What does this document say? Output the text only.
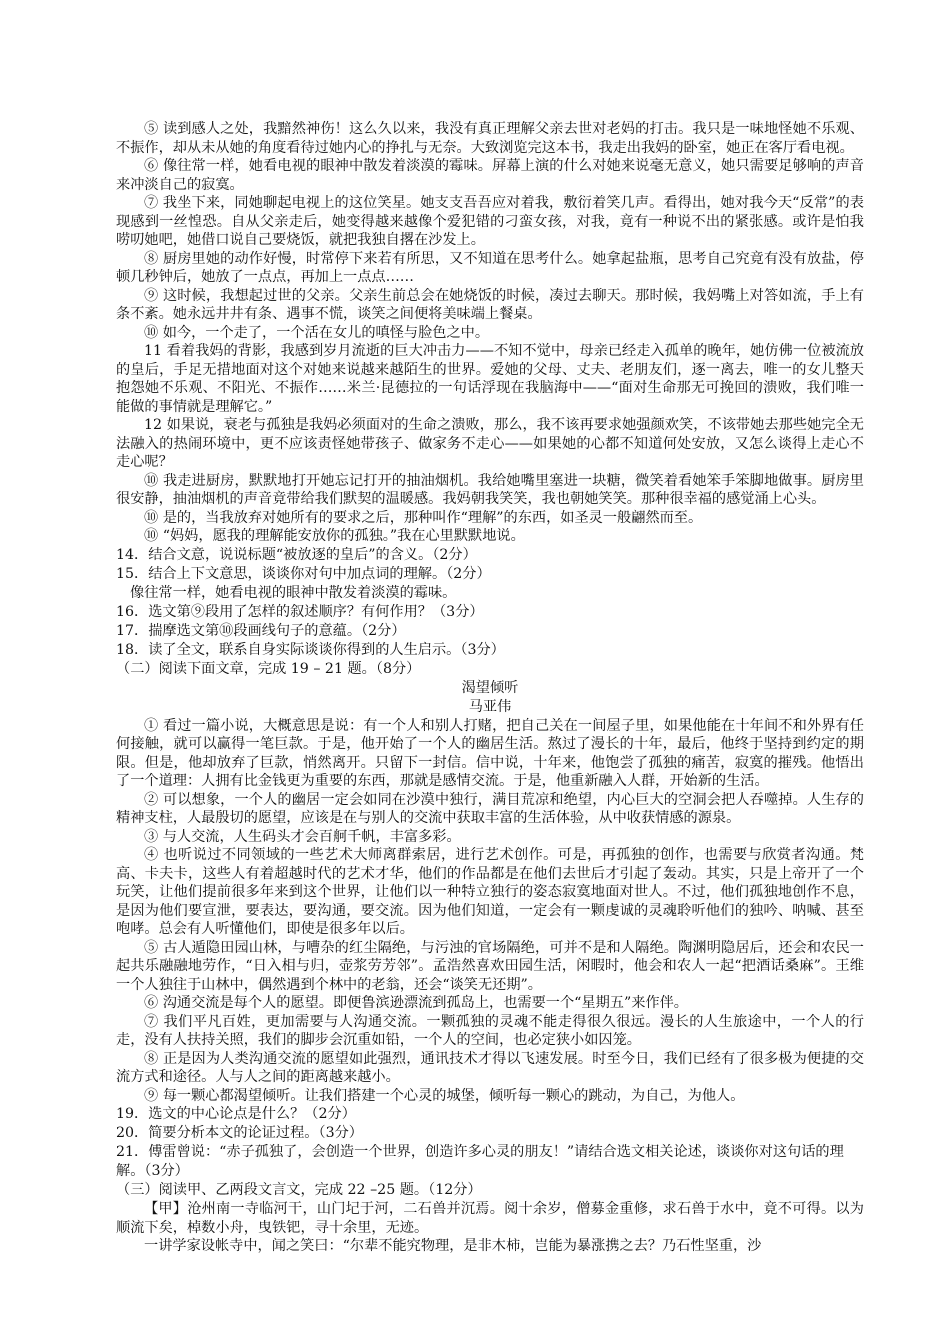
⑤ 读到感人之处，我黯然神伤！这么久以来，我没有真正理解父亲去世对老妈的打击。我只是一味地怪她不乐观、不振作，却从未从她的角度看待过她内心的挣扎与无奈。大致浏览完这本书，我走出我妈的卧室，她正在客厅看电视。

⑥ 像往常一样，她看电视的眼神中散发着淡漠的霉味。屏幕上演的什么对她来说毫无意义，她只需要足够响的声音来冲淡自己的寂寞。

⑦ 我坐下来，同她聊起电视上的这位笑星。她支支吾吾应对着我，敷衍着笑几声。看得出，她对我今天“反常”的表现感到一丝惶恐。自从父亲走后，她变得越来越像个爱犯错的刁蛮女孩，对我，竟有一种说不出的紧张感。或许是怕我唠叨她吧，她借口说自己要烧饭，就把我独自撂在沙发上。

⑧ 厨房里她的动作好慢，时常停下来若有所思，又不知道在思考什么。她拿起盐瓶，思考自己究竟有没有放盐，停顿几秒钟后，她放了一点点，再加上一点点……

⑨ 这时候，我想起过世的父亲。父亲生前总会在她烧饭的时候，凑过去聊天。那时候，我妈嘴上对答如流，手上有条不紊。她永远井井有条、遇事不慌，谈笑之间便将美味端上餐桌。

⑩ 如今，一个走了，一个活在女儿的嗔怪与脸色之中。

11 看着我妈的背影，我感到岁月流逝的巨大冲击力——不知不觉中，母亲已经走入孤单的晚年，她仿佛一位被流放的皇后，手足无措地面对这个对她来说越来越陌生的世界。爱她的父母、丈夫、老朋友们，逐一离去，唯一的女儿整天抱怨她不乐观、不阳光、不振作……米兰·昆德拉的一句话浮现在我脑海中——“面对生命那无可挽回的溃败，我们唯一能做的事情就是理解它。”

12 如果说，衰老与孤独是我妈必须面对的生命之溃败，那么，我不该再要求她强颜欢笑，不该带她去那些她完全无法融入的热闹环境中，更不应该责怪她带孩子、做家务不走心——如果她的心都不知道何处安放，又怎么谈得上走心不走心呢？

⑩ 我走进厨房，默默地打开她忘记打开的抽油烟机。我给她嘴里塞进一块糖，微笑着看她笨手笨脚地做事。厨房里很安静，抽油烟机的声音竟带给我们默契的温暖感。我妈朝我笑笑，我也朝她笑笑。那种很幸福的感觉涌上心头。

⑩ 是的，当我放弃对她所有的要求之后，那种叫作“理解”的东西，如圣灵一般翩然而至。

⑩ “妈妈，愿我的理解能安放你的孤独。”我在心里默默地说。

14．结合文意，说说标题“被放逐的皇后”的含义。（2分）

15．结合上下文意思，谈谈你对句中加点词的理解。（2分）

像往常一样，她看电视的眼神中散发着淡漠的霉味。

16．选文第⑨段用了怎样的叙述顺序？有何作用？（3分）

17．揣摩选文第⑩段画线句子的意蕴。（2分）

18．读了全文，联系自身实际谈谈你得到的人生启示。（3分）

（二）阅读下面文章，完成 19 – 21 题。（8分）

渴望倾听

马亚伟

① 看过一篇小说，大概意思是说：有一个人和别人打赌，把自己关在一间屋子里，如果他能在十年间不和外界有任何接触，就可以赢得一笔巨款。于是，他开始了一个人的幽居生活。熬过了漫长的十年，最后，他终于坚持到约定的期限。但是，他却放弃了巨款，悄然离开。只留下一封信。信中说，十年来，他饱尝了孤独的痛苦，寂寞的摧残。他悟出了一个道理：人拥有比金钱更为重要的东西，那就是感情交流。于是，他重新融入人群，开始新的生活。

② 可以想象，一个人的幽居一定会如同在沙漠中独行，满目荒凉和绝望，内心巨大的空洞会把人吞噬掉。人生存的精神支柱，人最殷切的愿望，应该是在与别人的交流中获取丰富的生活体验，从中收获情感的源泉。

③ 与人交流，人生码头才会百舸千帆，丰富多彩。

④ 也听说过不同领域的一些艺术大师离群索居，进行艺术创作。可是，再孤独的创作，也需要与欣赏者沟通。梵高、卡夫卡，这些人有着超越时代的艺术才华，他们的作品都是在他们去世后才引起了轰动。其实，只是上帝开了一个玩笑，让他们提前很多年来到这个世界，让他们以一种特立独行的姿态寂寞地面对世人。不过，他们孤独地创作不息，是因为他们要宣泄，要表达，要沟通，要交流。因为他们知道，一定会有一颗虔诚的灵魂聆听他们的独吟、呐喊、甚至咆哮。总会有人听懂他们，即使是很多年以后。

⑤ 古人遁隐田园山林，与嘈杂的红尘隔绝，与污浊的官场隔绝，可并不是和人隔绝。陶渊明隐居后，还会和农民一起共乐融融地劳作，“日入相与归，壶浆劳芳邻”。孟浩然喜欢田园生活，闲暇时，他会和农人一起“把酒话桑麻”。王维一个人独往于山林中，偶然遇到个林中的老翁，还会“谈笑无还期”。

⑥ 沟通交流是每个人的愿望。即便鲁滨逊漂流到孤岛上，也需要一个“星期五”来作伴。

⑦ 我们平凡百姓，更加需要与人沟通交流。一颗孤独的灵魂不能走得很久很远。漫长的人生旅途中，一个人的行走，没有人扶持关照，我们的脚步会沉重如铅，一个人的空间，也必定狭小如囚笼。

⑧ 正是因为人类沟通交流的愿望如此强烈，通讯技术才得以飞速发展。时至今日，我们已经有了很多极为便捷的交流方式和途径。人与人之间的距离越来越小。

⑨ 每一颗心都渴望倾听。让我们搭建一个心灵的城堡，倾听每一颗心的跳动，为自己，为他人。

19．选文的中心论点是什么？（2分）

20．简要分析本文的论证过程。（3分）

21．傅雷曾说：“赤子孤独了，会创造一个世界，创造许多心灵的朋友！”请结合选文相关论述，谈谈你对这句话的理解。（3分）

（三）阅读甲、乙两段文言文，完成 22 –25 题。（12分）

【甲】沧州南一寺临河干，山门圮于河，二石兽并沉焉。阅十余岁，僧募金重修，求石兽于水中，竟不可得。以为顺流下矣，棹数小舟，曳铁钯，寻十余里，无迹。

一讲学家设帐寺中，闻之笑曰：“尔辈不能究物理，是非木柿，岂能为暴涨携之去？乃石性坚重，沙
